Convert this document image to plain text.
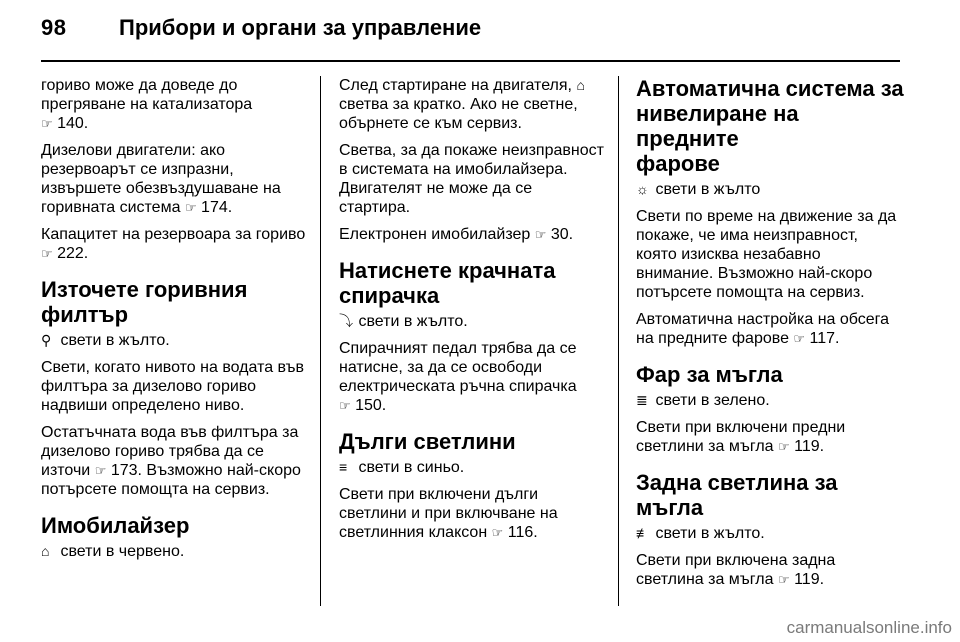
98 Прибори и органи за управление

гориво може да доведе до
прегряване на катализатора
☞ 140.

Дизелови двигатели: ако
резервоарът се изпразни,
извършете обезвъздушаване на
горивната система ☞ 174.

Капацитет на резервоара за гориво
☞ 222.

Източете горивния
филтър

⚲ свети в жълто.

Свети, когато нивото на водата във
филтъра за дизелово гориво
надвиши определено ниво.

Остатъчната вода във филтъра за
дизелово гориво трябва да се
източи ☞ 173. Възможно най-скоро
потърсете помощта на сервиз.

Имобилайзер

⌂ свети в червено.

След стартиране на двигателя, ⌂
светва за кратко. Ако не светне,
обърнете се към сервиз.

Светва, за да покаже неизправност
в системата на имобилайзера.
Двигателят не може да се
стартира.

Електронен имобилайзер ☞ 30.

Натиснете крачната
спирачка

⤵ свети в жълто.

Спирачният педал трябва да се
натисне, за да се освободи
електрическата ръчна спирачка
☞ 150.

Дълги светлини

≡ свети в синьо.

Свети при включени дълги
светлини и при включване на
светлинния клаксон ☞ 116.

Автоматична система за
нивелиране на предните
фарове

☼ свети в жълто

Свети по време на движение за да
покаже, че има неизправност,
която изисква незабавно
внимание. Възможно най-скоро
потърсете помощта на сервиз.

Автоматична настройка на обсега
на предните фарове ☞ 117.

Фар за мъгла

≣ свети в зелено.

Свети при включени предни
светлини за мъгла ☞ 119.

Задна светлина за мъгла

≢ свети в жълто.

Свети при включена задна
светлина за мъгла ☞ 119.

carmanualsonline.info
